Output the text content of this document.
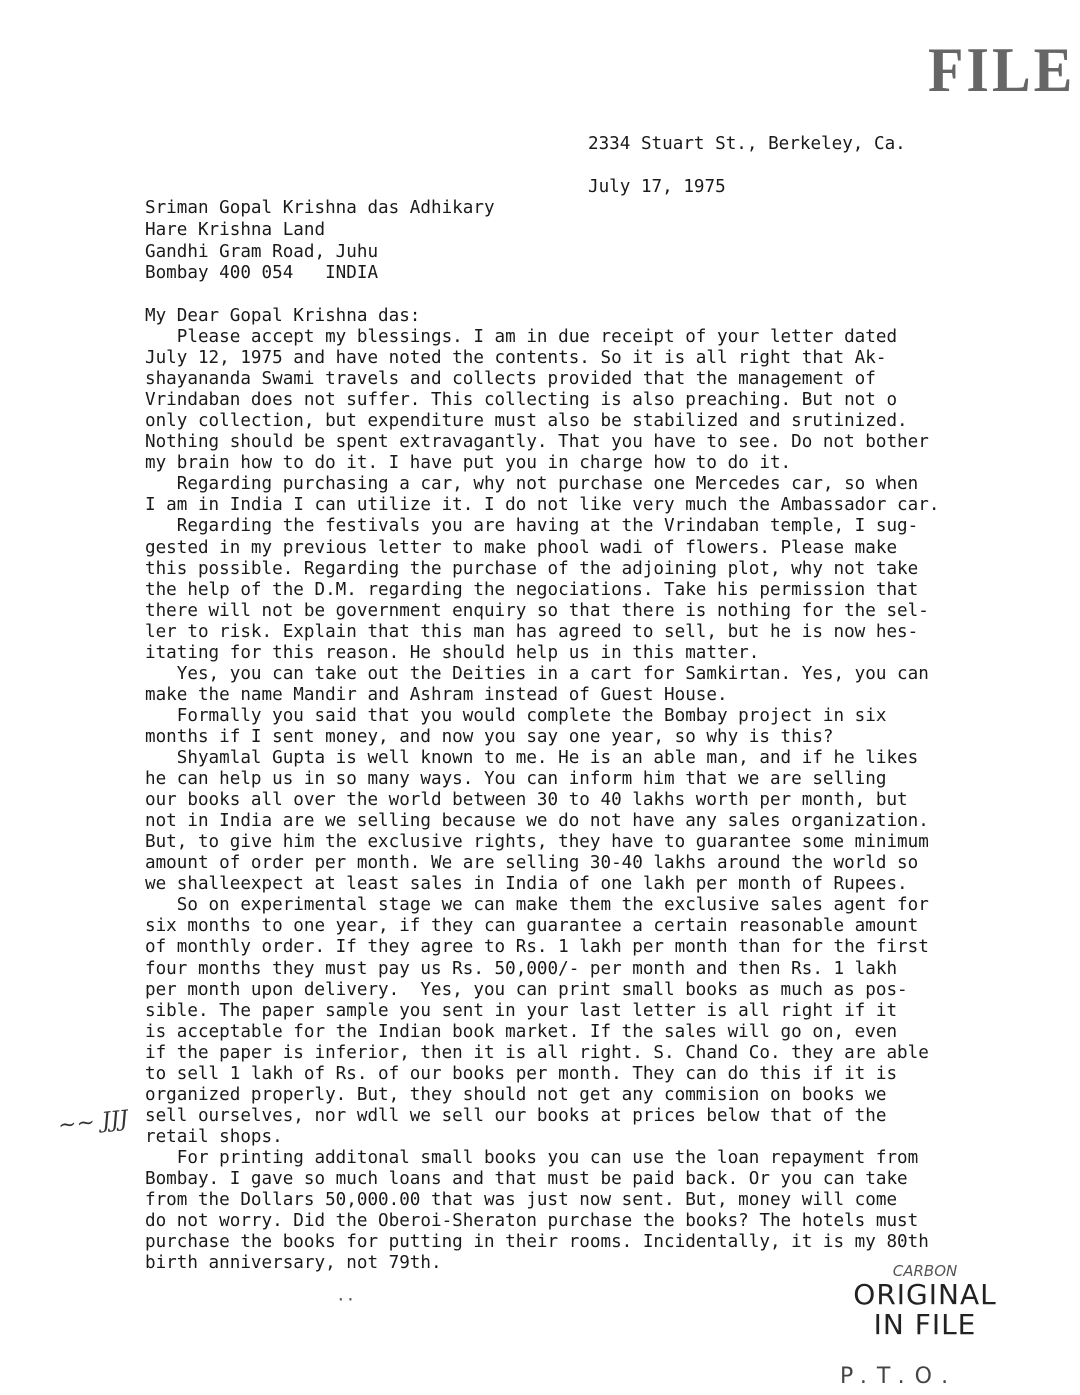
FILE
2334 Stuart St., Berkeley, Ca.
July 17, 1975
Sriman Gopal Krishna das Adhikary
Hare Krishna Land
Gandhi Gram Road, Juhu
Bombay 400 054   INDIA
My Dear Gopal Krishna das:
Please accept my blessings. I am in due receipt of your letter dated
July 12, 1975 and have noted the contents. So it is all right that Ak-
shayananda Swami travels and collects provided that the management of
Vrindaban does not suffer. This collecting is also preaching. But not o
only collection, but expenditure must also be stabilized and srutinized.
Nothing should be spent extravagantly. That you have to see. Do not bother
my brain how to do it. I have put you in charge how to do it.
Regarding purchasing a car, why not purchase one Mercedes car, so when
I am in India I can utilize it. I do not like very much the Ambassador car.
Regarding the festivals you are having at the Vrindaban temple, I sug-
gested in my previous letter to make phool wadi of flowers. Please make
this possible. Regarding the purchase of the adjoining plot, why not take
the help of the D.M. regarding the negociations. Take his permission that
there will not be government enquiry so that there is nothing for the sel-
ler to risk. Explain that this man has agreed to sell, but he is now hes-
itating for this reason. He should help us in this matter.
Yes, you can take out the Deities in a cart for Samkirtan. Yes, you can
make the name Mandir and Ashram instead of Guest House.
Formally you said that you would complete the Bombay project in six
months if I sent money, and now you say one year, so why is this?
Shyamlal Gupta is well known to me. He is an able man, and if he likes
he can help us in so many ways. You can inform him that we are selling
our books all over the world between 30 to 40 lakhs worth per month, but
not in India are we selling because we do not have any sales organization.
But, to give him the exclusive rights, they have to guarantee some minimum
amount of order per month. We are selling 30-40 lakhs around the world so
we shalleexpect at least sales in India of one lakh per month of Rupees.
So on experimental stage we can make them the exclusive sales agent for
six months to one year, if they can guarantee a certain reasonable amount
of monthly order. If they agree to Rs. 1 lakh per month than for the first
four months they must pay us Rs. 50,000/- per month and then Rs. 1 lakh
per month upon delivery.  Yes, you can print small books as much as pos-
sible. The paper sample you sent in your last letter is all right if it
is acceptable for the Indian book market. If the sales will go on, even
if the paper is inferior, then it is all right. S. Chand Co. they are able
to sell 1 lakh of Rs. of our books per month. They can do this if it is
organized properly. But, they should not get any commision on books we
sell ourselves, nor wdll we sell our books at prices below that of the
retail shops.
For printing additonal small books you can use the loan repayment from
Bombay. I gave so much loans and that must be paid back. Or you can take
from the Dollars 50,000.00 that was just now sent. But, money will come
do not worry. Did the Oberoi-Sheraton purchase the books? The hotels must
purchase the books for putting in their rooms. Incidentally, it is my 80th
birth anniversary, not 79th.
~~ JJJ
··
CARBON
ORIGINAL
IN FILE
P.T.O.
